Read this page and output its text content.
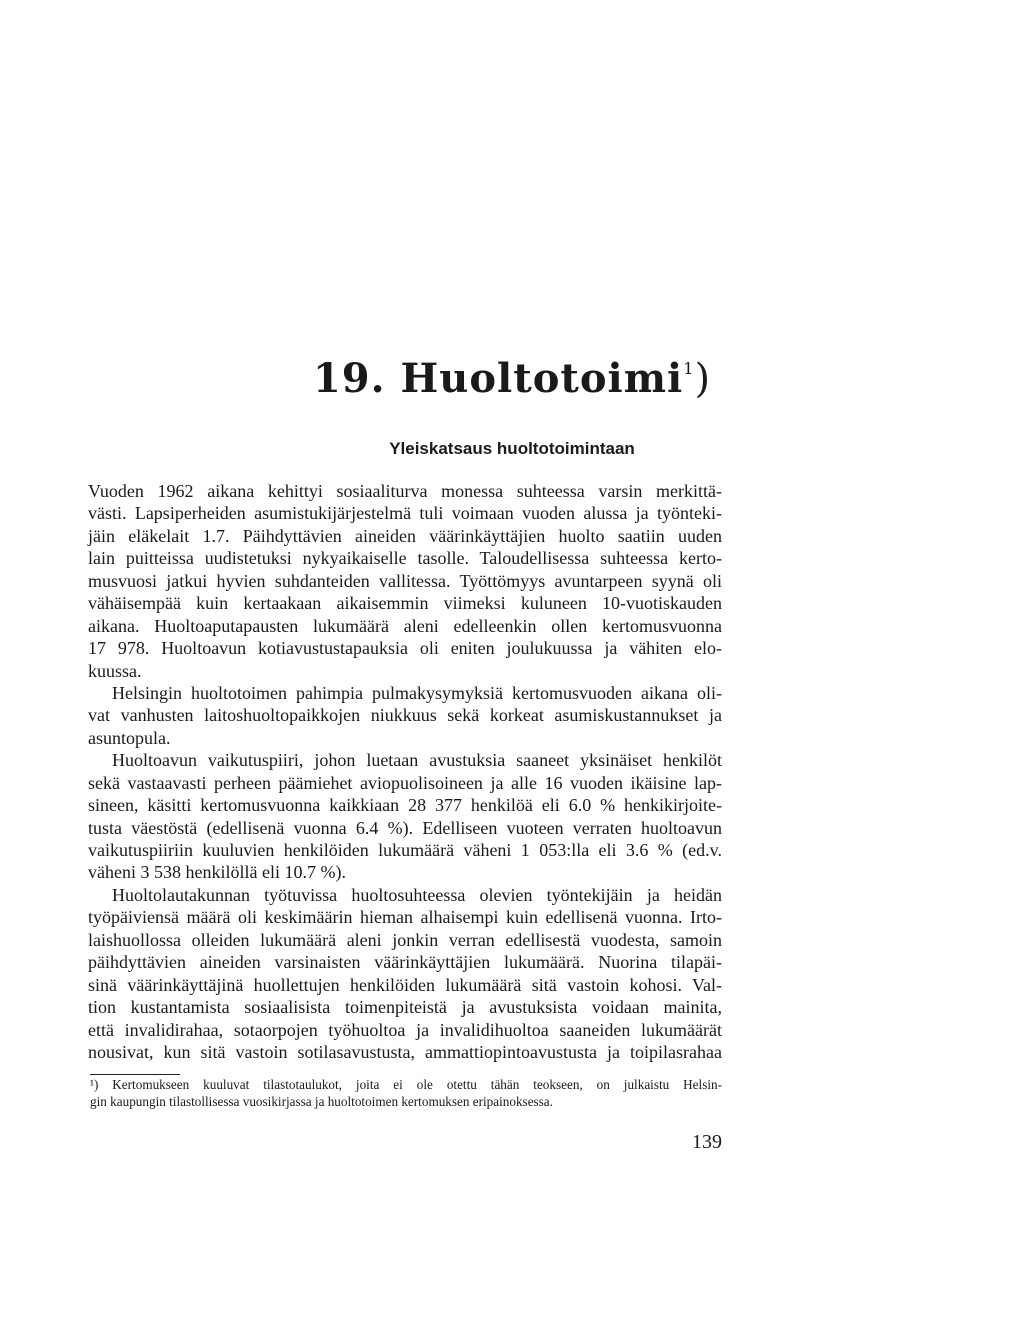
19. Huoltotoimi$^1$)
Yleiskatsaus huoltotoimintaan
Vuoden 1962 aikana kehittyi sosiaaliturva monessa suhteessa varsin merkittä-
västi. Lapsiperheiden asumistukijärjestelmä tuli voimaan vuoden alussa ja työnteki-
jäin eläkelait 1.7. Päihdyttävien aineiden väärinkäyttäjien huolto saatiin uuden
lain puitteissa uudistetuksi nykyaikaiselle tasolle. Taloudellisessa suhteessa kerto-
musvuosi jatkui hyvien suhdanteiden vallitessa. Työttömyys avuntarpeen syynä oli
vähäisempää kuin kertaakaan aikaisemmin viimeksi kuluneen 10-vuotiskauden
aikana. Huoltoaputapausten lukumäärä aleni edelleenkin ollen kertomusvuonna
17 978. Huoltoavun kotiavustustapauksia oli eniten joulukuussa ja vähiten elo-
kuussa.
Helsingin huoltotoimen pahimpia pulmakysymyksiä kertomusvuoden aikana oli-
vat vanhusten laitoshuoltopaikkojen niukkuus sekä korkeat asumiskustannukset ja
asuntopula.
Huoltoavun vaikutuspiiri, johon luetaan avustuksia saaneet yksinäiset henkilöt
sekä vastaavasti perheen päämiehet aviopuolisoineen ja alle 16 vuoden ikäisine lap-
sineen, käsitti kertomusvuonna kaikkiaan 28 377 henkilöä eli 6.0 % henkikirjoite-
tusta väestöstä (edellisenä vuonna 6.4 %). Edelliseen vuoteen verraten huoltoavun
vaikutuspiiriin kuuluvien henkilöiden lukumäärä väheni 1 053:lla eli 3.6 % (ed.v.
väheni 3 538 henkilöllä eli 10.7 %).
Huoltolautakunnan työtuvissa huoltosuhteessa olevien työntekijäin ja heidän
työpäiviensä määrä oli keskimäärin hieman alhaisempi kuin edellisenä vuonna. Irto-
laishuollossa olleiden lukumäärä aleni jonkin verran edellisestä vuodesta, samoin
päihdyttävien aineiden varsinaisten väärinkäyttäjien lukumäärä. Nuorina tilapäi-
sinä väärinkäyttäjinä huollettujen henkilöiden lukumäärä sitä vastoin kohosi. Val-
tion kustantamista sosiaalisista toimenpiteistä ja avustuksista voidaan mainita,
että invalidirahaa, sotaorpojen työhuoltoa ja invalidihuoltoa saaneiden lukumäärät
nousivat, kun sitä vastoin sotilasavustusta, ammattiopintoavustusta ja toipilasrahaa
¹) Kertomukseen kuuluvat tilastotaulukot, joita ei ole otettu tähän teokseen, on julkaistu Helsin-
gin kaupungin tilastollisessa vuosikirjassa ja huoltotoimen kertomuksen eripainoksessa.
139
